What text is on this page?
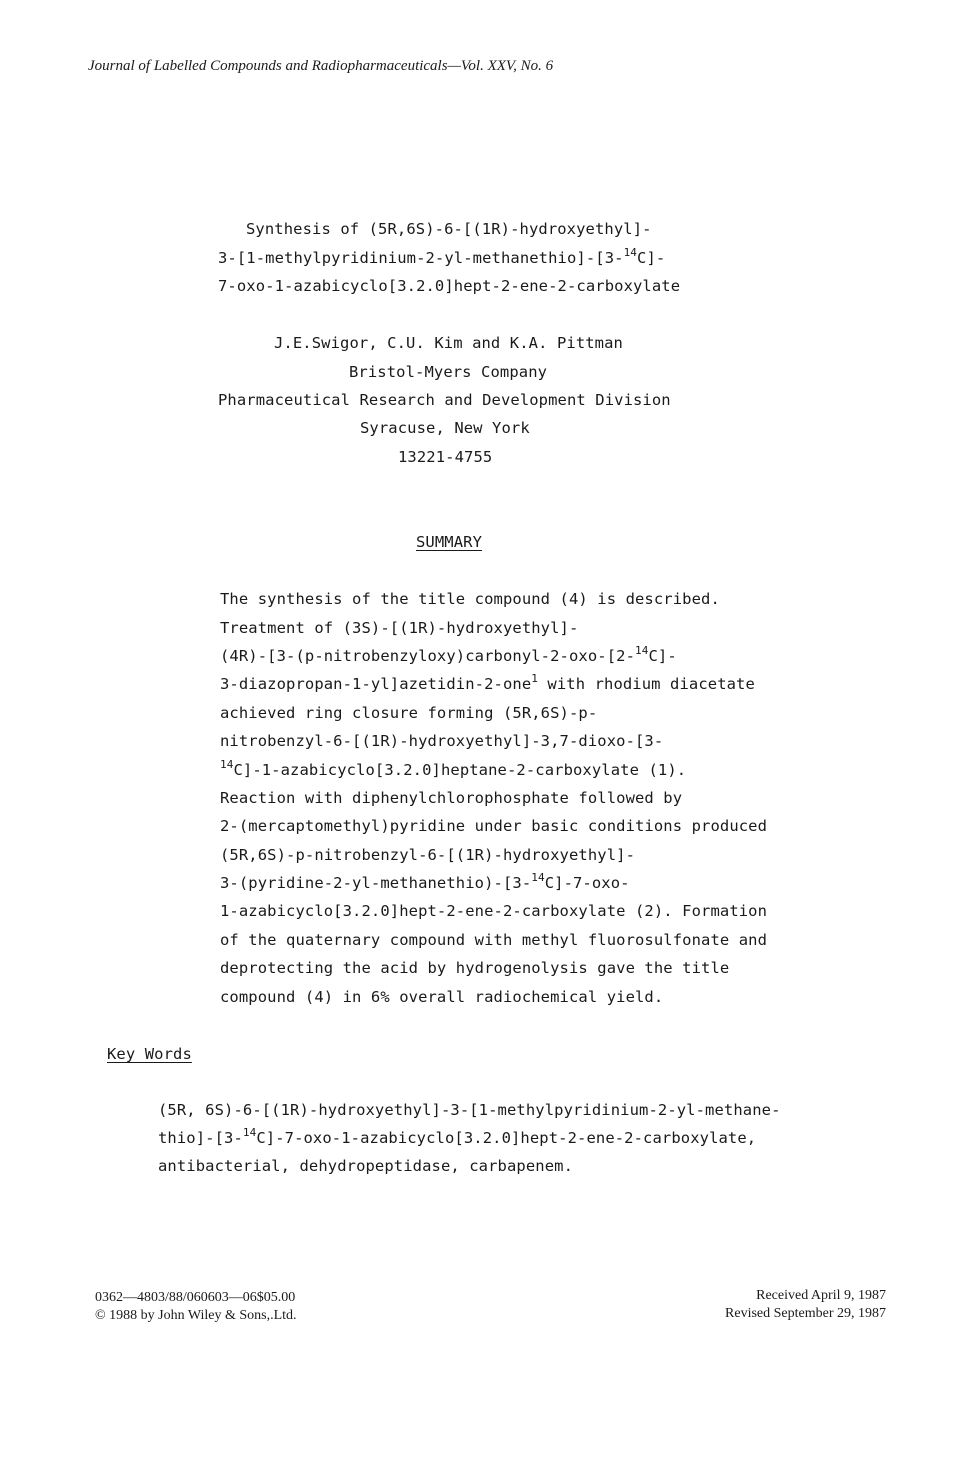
Journal of Labelled Compounds and Radiopharmaceuticals—Vol. XXV, No. 6
Synthesis of (5R,6S)-6-[(1R)-hydroxyethyl]-
3-[1-methylpyridinium-2-yl-methanethio]-[3-$^{14}$C]-
7-oxo-1-azabicyclo[3.2.0]hept-2-ene-2-carboxylate
J.E.Swigor, C.U. Kim and K.A. Pittman
Bristol-Myers Company
Pharmaceutical Research and Development Division
Syracuse, New York
13221-4755
SUMMARY
The synthesis of the title compound (4) is described.
Treatment of (3S)-[(1R)-hydroxyethyl]-
(4R)-[3-(p-nitrobenzyloxy)carbonyl-2-oxo-[2-$^{14}$C]-
3-diazopropan-1-yl]azetidin-2-one$^1$ with rhodium diacetate
achieved ring closure forming (5R,6S)-p-
nitrobenzyl-6-[(1R)-hydroxyethyl]-3,7-dioxo-[3-
$^{14}$C]-1-azabicyclo[3.2.0]heptane-2-carboxylate (1).
Reaction with diphenylchlorophosphate followed by
2-(mercaptomethyl)pyridine under basic conditions produced
(5R,6S)-p-nitrobenzyl-6-[(1R)-hydroxyethyl]-
3-(pyridine-2-yl-methanethio)-[3-$^{14}$C]-7-oxo-
1-azabicyclo[3.2.0]hept-2-ene-2-carboxylate (2). Formation
of the quaternary compound with methyl fluorosulfonate and
deprotecting the acid by hydrogenolysis gave the title
compound (4) in 6% overall radiochemical yield.
Key Words
(5R, 6S)-6-[(1R)-hydroxyethyl]-3-[1-methylpyridinium-2-yl-methane-
thio]-[3-$^{14}$C]-7-oxo-1-azabicyclo[3.2.0]hept-2-ene-2-carboxylate,
antibacterial, dehydropeptidase, carbapenem.
0362—4803/88/060603—06$05.00
© 1988 by John Wiley & Sons,.Ltd.
Received April 9, 1987
Revised September 29, 1987
